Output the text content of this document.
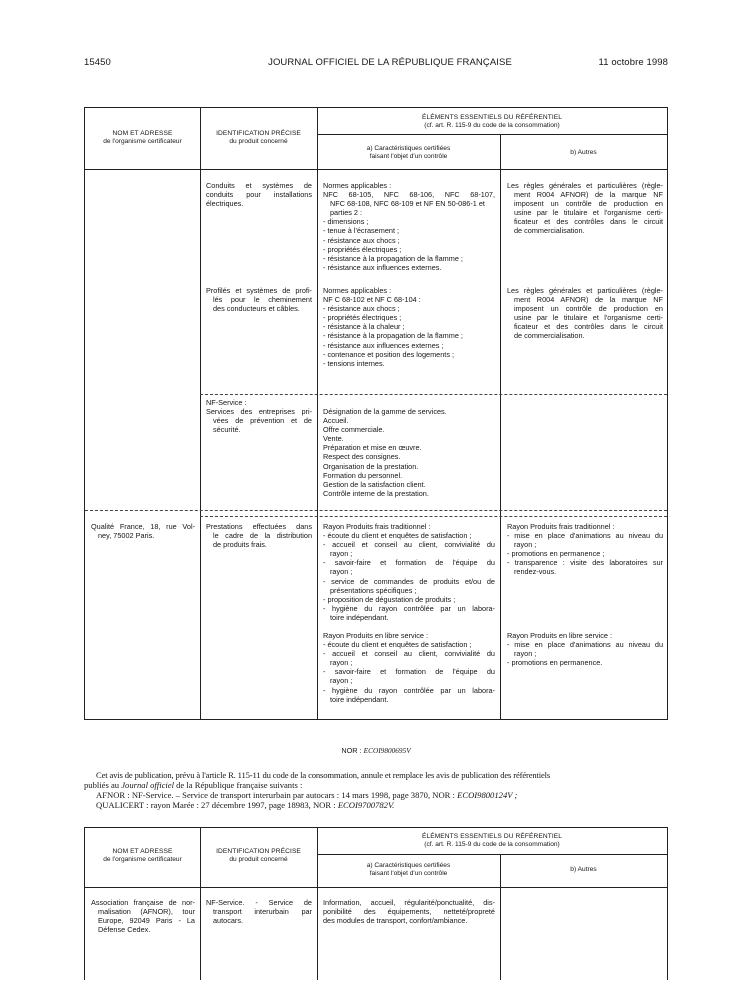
15450	JOURNAL OFFICIEL DE LA RÉPUBLIQUE FRANÇAISE	11 octobre 1998
NOM ET ADRESSE
de l'organisme certificateur
IDENTIFICATION PRÉCISE
du produit concerné
ÉLÉMENTS ESSENTIELS DU RÉFÉRENTIEL
(cf. art. R. 115-9 du code de la consommation)
a) Caractéristiques certifiées
faisant l'objet d'un contrôle
b) Autres
Conduits et systèmes de
conduits pour installations
électriques.
Normes applicables :
NFC 68-105, NFC 68-106, NFC 68-107,
NFC 68-108, NFC 68-109 et NF EN 50-086-1 et
parties 2 :
- dimensions ;
- tenue à l'écrasement ;
- résistance aux chocs ;
- propriétés électriques ;
- résistance à la propagation de la flamme ;
- résistance aux influences externes.
Les règles générales et particulières (règle-
ment R004 AFNOR) de la marque NF
imposent un contrôle de production en
usine par le titulaire et l'organisme certi-
ficateur et des contrôles dans le circuit
de commercialisation.
Profilés et systèmes de profi-
lés pour le cheminement
des conducteurs et câbles.
Normes applicables :
NF C 68-102 et NF C 68-104 :
- résistance aux chocs ;
- propriétés électriques ;
- résistance à la chaleur ;
- résistance à la propagation de la flamme ;
- résistance aux influences externes ;
- contenance et position des logements ;
- tensions internes.
Les règles générales et particulières (règle-
ment R004 AFNOR) de la marque NF
imposent un contrôle de production en
usine par le titulaire et l'organisme certi-
ficateur et des contrôles dans le circuit
de commercialisation.
NF-Service :
Services des entreprises pri-
vées de prévention et de
sécurité.
Désignation de la gamme de services.
Accueil.
Offre commerciale.
Vente.
Préparation et mise en œuvre.
Respect des consignes.
Organisation de la prestation.
Formation du personnel.
Gestion de la satisfaction client.
Contrôle interne de la prestation.
Qualité France, 18, rue Vol-
ney, 75002 Paris.
Prestations effectuées dans
le cadre de la distribution
de produits frais.
Rayon Produits frais traditionnel :
- écoute du client et enquêtes de satisfaction ;
- accueil et conseil au client, convivialité du
rayon ;
- savoir-faire et formation de l'équipe du
rayon ;
- service de commandes de produits et/ou de
présentations spécifiques ;
- proposition de dégustation de produits ;
- hygiène du rayon contrôlée par un labora-
toire indépendant.
Rayon Produits frais traditionnel :
- mise en place d'animations au niveau du
rayon ;
- promotions en permanence ;
- transparence : visite des laboratoires sur
rendez-vous.
Rayon Produits en libre service :
- écoute du client et enquêtes de satisfaction ;
- accueil et conseil au client, convivialité du
rayon ;
- savoir-faire et formation de l'équipe du
rayon ;
- hygiène du rayon contrôlée par un labora-
toire indépendant.
Rayon Produits en libre service :
- mise en place d'animations au niveau du
rayon ;
- promotions en permanence.
NOR : ECOI9800695V
Cet avis de publication, prévu à l'article R. 115-11 du code de la consommation, annule et remplace les avis de publication des référentiels
publiés au Journal officiel de la République française suivants :
AFNOR : NF-Service. – Service de transport interurbain par autocars : 14 mars 1998, page 3870, NOR : ECOI9800124V ;
QUALICERT : rayon Marée : 27 décembre 1997, page 18983, NOR : ECOI9700782V.
NOM ET ADRESSE
de l'organisme certificateur
IDENTIFICATION PRÉCISE
du produit concerné
ÉLÉMENTS ESSENTIELS DU RÉFÉRENTIEL
(cf. art. R. 115-9 du code de la consommation)
a) Caractéristiques certifiées
faisant l'objet d'un contrôle
b) Autres
Association française de nor-
malisation (AFNOR), tour
Europe, 92049 Paris - La
Défense Cedex.
NF-Service. - Service de
transport interurbain par
autocars.
Information, accueil, régularité/ponctualité, dis-
ponibilité des équipements, netteté/propreté
des modules de transport, confort/ambiance.
